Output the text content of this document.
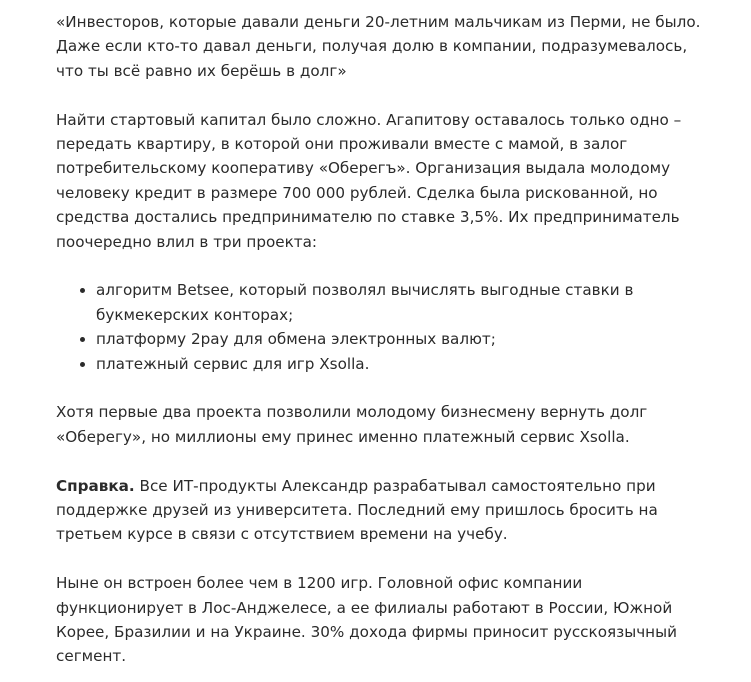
«Инвесторов, которые давали деньги 20-летним мальчикам из Перми, не было. Даже если кто-то давал деньги, получая долю в компании, подразумевалось, что ты всё равно их берёшь в долг»

Найти стартовый капитал было сложно. Агапитову оставалось только одно – передать квартиру, в которой они проживали вместе с мамой, в залог потребительскому кооперативу «Оберегъ». Организация выдала молодому человеку кредит в размере 700 000 рублей. Сделка была рискованной, но средства достались предпринимателю по ставке 3,5%. Их предприниматель поочередно влил в три проекта:

• алгоритм Betsee, который позволял вычислять выгодные ставки в букмекерских конторах;
• платформу 2pay для обмена электронных валют;
• платежный сервис для игр Xsolla.

Хотя первые два проекта позволили молодому бизнесмену вернуть долг «Оберегу», но миллионы ему принес именно платежный сервис Xsolla.

Справка. Все ИТ-продукты Александр разрабатывал самостоятельно при поддержке друзей из университета. Последний ему пришлось бросить на третьем курсе в связи с отсутствием времени на учебу.

Ныне он встроен более чем в 1200 игр. Головной офис компании функционирует в Лос-Анджелесе, а ее филиалы работают в России, Южной Корее, Бразилии и на Украине. 30% дохода фирмы приносит русскоязычный сегмент.
